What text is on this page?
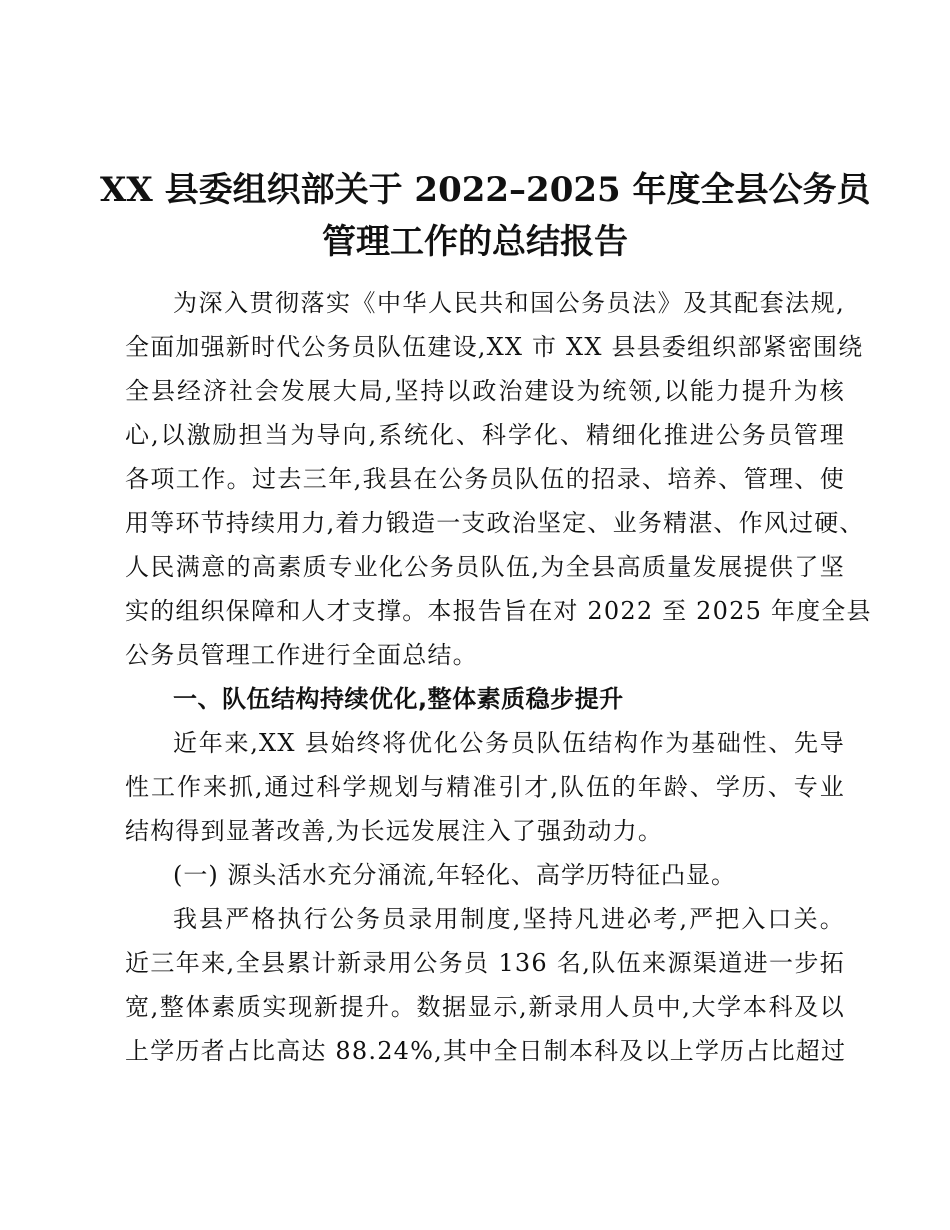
XX 县委组织部关于 2022–2025 年度全县公务员
管理工作的总结报告
为深入贯彻落实《中华人民共和国公务员法》及其配套法规,
全面加强新时代公务员队伍建设,XX 市 XX 县县委组织部紧密围绕
全县经济社会发展大局,坚持以政治建设为统领,以能力提升为核
心,以激励担当为导向,系统化、科学化、精细化推进公务员管理
各项工作。过去三年,我县在公务员队伍的招录、培养、管理、使
用等环节持续用力,着力锻造一支政治坚定、业务精湛、作风过硬、
人民满意的高素质专业化公务员队伍,为全县高质量发展提供了坚
实的组织保障和人才支撑。本报告旨在对 2022 至 2025 年度全县
公务员管理工作进行全面总结。
一、队伍结构持续优化,整体素质稳步提升
近年来,XX 县始终将优化公务员队伍结构作为基础性、先导
性工作来抓,通过科学规划与精准引才,队伍的年龄、学历、专业
结构得到显著改善,为长远发展注入了强劲动力。
(一) 源头活水充分涌流,年轻化、高学历特征凸显。
我县严格执行公务员录用制度,坚持凡进必考,严把入口关。
近三年来,全县累计新录用公务员 136 名,队伍来源渠道进一步拓
宽,整体素质实现新提升。数据显示,新录用人员中,大学本科及以
上学历者占比高达 88.24%,其中全日制本科及以上学历占比超过
